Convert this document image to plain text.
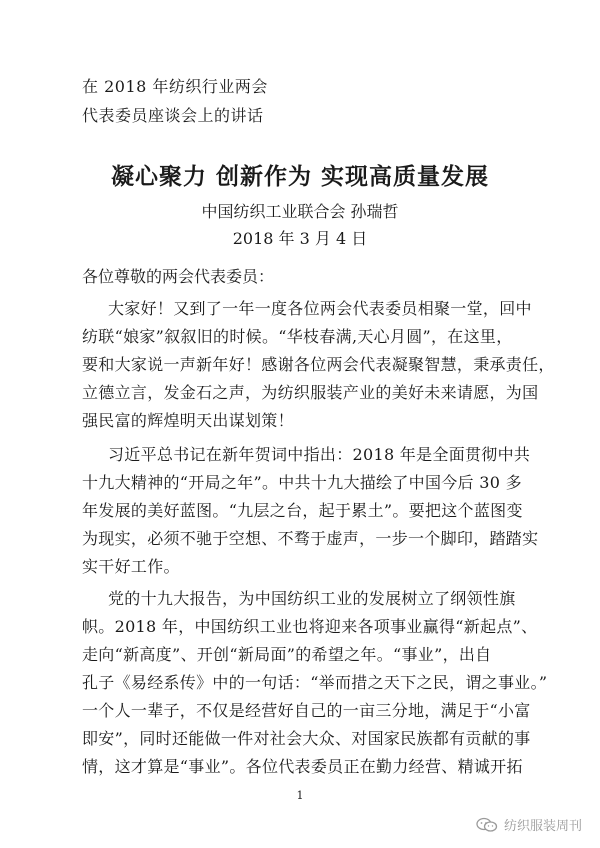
在 2018 年纺织行业两会
代表委员座谈会上的讲话
凝心聚力 创新作为 实现高质量发展
中国纺织工业联合会 孙瑞哲
2018 年 3 月 4 日
各位尊敬的两会代表委员：
大家好！又到了一年一度各位两会代表委员相聚一堂，回中
纺联“娘家”叙叙旧的时候。“华枝春满,天心月圆”，在这里，
要和大家说一声新年好！感谢各位两会代表凝聚智慧，秉承责任，
立德立言，发金石之声，为纺织服装产业的美好未来请愿，为国
强民富的辉煌明天出谋划策！
习近平总书记在新年贺词中指出：2018 年是全面贯彻中共
十九大精神的“开局之年”。中共十九大描绘了中国今后 30 多
年发展的美好蓝图。“九层之台，起于累土”。要把这个蓝图变
为现实，必须不驰于空想、不骛于虚声，一步一个脚印，踏踏实
实干好工作。
党的十九大报告，为中国纺织工业的发展树立了纲领性旗
帜。2018 年，中国纺织工业也将迎来各项事业赢得“新起点”、
走向“新高度”、开创“新局面”的希望之年。“事业”，出自
孔子《易经系传》中的一句话：“举而措之天下之民，谓之事业。”
一个人一辈子，不仅是经营好自己的一亩三分地，满足于“小富
即安”，同时还能做一件对社会大众、对国家民族都有贡献的事
情，这才算是“事业”。各位代表委员正在勤力经营、精诚开拓
1
纺织服装周刊
